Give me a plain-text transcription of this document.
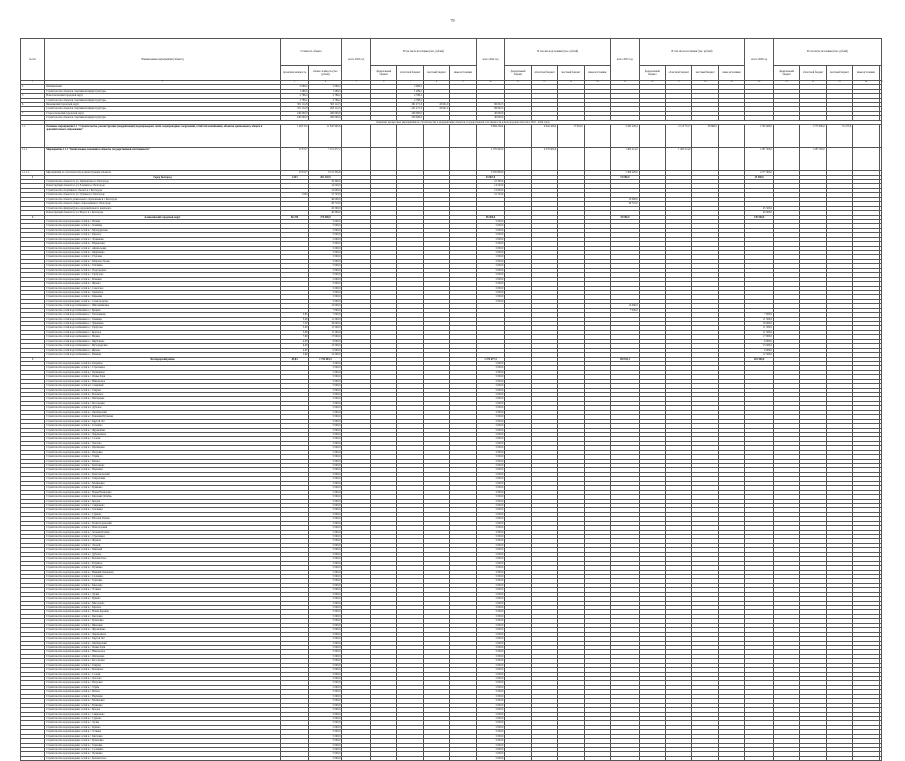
79
№ п/п	Наименование мероприятия (объекта)	Стоимость объекта		всего 2023 год	В том числе источники (тыс. рублей)				всего 2024 год	В том числе источники (тыс. рублей)				всего 2025 год	В том числе источники (тыс. рублей)				всего 2026 год	В том числе источники (тыс. рублей)				
		проектная мощность	общая стоимость (тыс. рублей)		федеральный бюджет	областной бюджет	местный бюджет	иные источники		федеральный бюджет	областной бюджет	местный бюджет	иные источники		федеральный бюджет	областной бюджет	местный бюджет	иные источники		федеральный бюджет	областной бюджет	местный бюджет	иные источники	
1	2	3	4	5	6	7	8	9	10	11	12	13	14	15	16	17	18	19	20	21	22	23	24	25
4	Шебекинский	2 099,2	2 099,2			2 099,2																		
	Строительство объектов спортивной инфраструктуры	1 289,5	1 289,5			1 289,5																		
5	Новооскольский городской округ	2 786,2	2 786,2			2 786,2																		
	Строительство объектов спортивной инфраструктуры	2 786,2	2 786,2			2 786,2																		
6	Яковлевский городской округ	391 114,8	305 112,3			261 271,3	43 841,0		86 002,5															
	Строительство объектов спортивной инфраструктуры	351 114,8	265 112,3			221 271,3	43 841,0		86 002,5															
7	Старооскольский городской округ	240 000,0	200 000,0			200 000,0			40 000,0															
	Строительство объектов спортивной инфраструктуры	240 000,0	200 000,0			200 000,0			40 000,0															
	Комплекс процессных мероприятий по строительству и модернизации объектов государственной собственности в Белгородской области в 2022 - 2024 годах																							
1.1.	Основное мероприятие 1.1 "Строительство, реконструкция (модернизация) водопроводных сетей, водопроводных сооружений, сетей теплоснабжения, объектов дошкольного, общего и дополнительного образования"	1 463 312	11 847 903,6						6 894 229,4		4 942 426,4	17 019,0		2 343 229,4		2 113 772,7	38 800,0		1 703 400,0		1 773 950,0	31 275,0		
1.1.1.	Мероприятие 1.1.1 "Капитальные вложения в объекты государственной собственности"	473 617	7 101 677,2						4 376 900,0		4 376 900,0			1 463 214,0		1 463 214,0			1 287 563,0		1 287 563,0			
1.1.1.1.	Мероприятия по строительству и реконструкции объектов	473 617	6 511 334,8						3 370 800,0					1 369 226,0					1 277 363,0					
1	Город Белгород	1 643	261 102,9						63 867,0					15 000,0					25 500,0					
	Строительство объекта по ул. Лермонтова в г. Белгороде		10 300,0						10 300,0															
	Реконструкция объекта по ул. Есенина в г. Белгороде		14 520,0						14 520,0															
	Строительство спортивного объекта в г. Белгороде		12 000,0						12 000,0															
	Строительство объекта по ул. Губкина в г. Белгороде	1 643	31 743,0						31 743,0															
	Строительство объекта дошкольного образования в г. Белгороде		46 000,0											15 000,0										
	Строительство объекта общего образования в г. Белгороде		26 710,0											26 710,0										
	Строительство физкультурно-оздоровительного комплекса		45 500,0																45 500,0					
	Реконструкция объекта по ул. Щорса в г. Белгороде		40 000,0																40 000,0					
2	Алексеевский городской округ	86 250	275 000,0						96 000,0					35 000,0					149 500,0					
	Строительство водопроводных сетей в с. Иловка		5 000,0						5 000,0															
	Строительство водопроводных сетей в с. Хлевище		5 000,0						5 000,0															
	Строительство водопроводных сетей в с. Мухоудеровка		5 000,0						5 000,0															
	Строительство водопроводных сетей в с. Красное		5 000,0						5 000,0															
	Строительство водопроводных сетей в с. Луценково		5 000,0						5 000,0															
	Строительство водопроводных сетей в с. Варваровка		5 000,0						5 000,0															
	Строительство водопроводных сетей в с. Афанасьевка		5 000,0						5 000,0															
	Строительство водопроводных сетей в с. Щербаково		5 000,0						5 000,0															
	Строительство водопроводных сетей в с. Глуховка		5 000,0						5 000,0															
	Строительство водопроводных сетей в с. Матрено-Гезово		5 000,0						5 000,0															
	Строительство водопроводных сетей в с. Теплинка		5 000,0						5 000,0															
	Строительство водопроводных сетей в с. Подсереднее		5 000,0						5 000,0															
	Строительство водопроводных сетей в с. Гарбузово		5 000,0						5 000,0															
	Строительство водопроводных сетей в с. Ильинка		5 000,0						5 000,0															
	Строительство водопроводных сетей в с. Жуково		5 000,0						5 000,0															
	Строительство водопроводных сетей в с. Советское		5 000,0						5 000,0															
	Строительство водопроводных сетей в с. Хрещатое		5 000,0						5 000,0															
	Строительство водопроводных сетей в с. Repьевка		5 000,0						5 000,0															
	Строительство водопроводных сетей в с. Славгородское		5 000,0						5 000,0															
	Строительство сетей водоснабжения в с. Шапошниковка		12 000,0											12 000,0										
	Строительство сетей водоснабжения в с. Кущино		7 000,0											7 000,0										
	Строительство сетей водоснабжения в с. Тютюниково	3,85	7 000,0																7 000,0					
	Строительство сетей водоснабжения в с. Хлевище	3,00	11 500,0																11 500,0					
	Строительство сетей водоснабжения в с. Луценково	7,50	16 000,0																16 000,0					
	Строительство сетей водоснабжения в с. Гарбузово	5,00	11 500,0																11 500,0					
	Строительство сетей водоснабжения в с. Красное	5,00	11 500,0																11 500,0					
	Строительство сетей водоснабжения в с. Иловка	7,60	17 000,0																17 000,0					
	Строительство сетей водоснабжения в с. Щербаково	4,00	9 000,0																9 000,0					
	Строительство сетей водоснабжения в с. Мухоудеровка	6,00	13 500,0																13 500,0					
	Строительство сетей водоснабжения в с. Жуково	4,00	9 000,0																9 000,0					
	Строительство сетей водоснабжения в с. Ильинка	5,60	12 500,0																12 500,0					
3	Белгородский район	85,84	1 754 003,3						1 273 677,3					150 941,1					261 500,0					
	Строительство водопроводных сетей в п. Разумное		5 000,0						5 000,0															
	Строительство водопроводных сетей в с. Стрелецкое		5 000,0						5 000,0															
	Строительство водопроводных сетей в с. Пушкарное		5 000,0						5 000,0															
	Строительство водопроводных сетей в с. Ясные Зори		5 000,0						5 000,0															
	Строительство водопроводных сетей в с. Никольское		5 000,0						5 000,0															
	Строительство водопроводных сетей в п. Северный		5 000,0						5 000,0															
	Строительство водопроводных сетей в с. Таврово		5 000,0						5 000,0															
	Строительство водопроводных сетей в с. Беловское		5 000,0						5 000,0															
	Строительство водопроводных сетей в с. Шагаровка		5 000,0						5 000,0															
	Строительство водопроводных сетей в с. Бессоновка		5 000,0						5 000,0															
	Строительство водопроводных сетей в п. Дубовое		5 000,0						5 000,0															
	Строительство водопроводных сетей в с. Октябрьский		5 000,0						5 000,0															
	Строительство водопроводных сетей в с. Ближняя Игуменка		5 000,0						5 000,0															
	Строительство водопроводных сетей в с. Крутой Лог		5 000,0						5 000,0															
	Строительство водопроводных сетей в с. Головино		5 000,0						5 000,0															
	Строительство водопроводных сетей в с. Журавлевка		5 000,0						5 000,0															
	Строительство водопроводных сетей в с. Черемошное		5 000,0						5 000,0															
	Строительство водопроводных сетей в с. Солохи		5 000,0						5 000,0															
	Строительство водопроводных сетей в с. Хохлово		5 000,0						5 000,0															
	Строительство водопроводных сетей в с. Щетиновка		5 000,0						5 000,0															
	Строительство водопроводных сетей в с. Петровка		5 000,0						5 000,0															
	Строительство водопроводных сетей в с. Угрим		5 000,0						5 000,0															
	Строительство водопроводных сетей в с. Репное		5 000,0						5 000,0															
	Строительство водопроводных сетей в с. Кошлаково		5 000,0						5 000,0															
	Строительство водопроводных сетей в с. Наумовка		5 000,0						5 000,0															
	Строительство водопроводных сетей в с. Комсомольский		5 000,0						5 000,0															
	Строительство водопроводных сетей в с. Тавровский		5 000,0						5 000,0															
	Строительство водопроводных сетей в с. Малиновка		5 000,0						5 000,0															
	Строительство водопроводных сетей в с. Ериковка		5 000,0						5 000,0															
	Строительство водопроводных сетей в с. Новая Нелидовка		5 000,0						5 000,0															
	Строительство водопроводных сетей в с. Красный Октябрь		5 000,0						5 000,0															
	Строительство водопроводных сетей в с. Бродок		5 000,0						5 000,0															
	Строительство водопроводных сетей в с. Севрюково		5 000,0						5 000,0															
	Строительство водопроводных сетей в с. Топлинка		5 000,0						5 000,0															
	Строительство водопроводных сетей в с. Сурково		5 000,0						5 000,0															
	Строительство водопроводных сетей в с. Веселая Лопань		5 000,0						5 000,0															
	Строительство водопроводных сетей в с. Политотдельский		5 000,0						5 000,0															
	Строительство водопроводных сетей в с. Новосадовый		5 000,0						5 000,0															
	Строительство водопроводных сетей в с. Зеленая Поляна		5 000,0						5 000,0															
	Строительство водопроводных сетей в с. Стрелецкое		5 000,0						5 000,0															
	Строительство водопроводных сетей в с. Жданов		5 000,0						5 000,0															
	Строительство водопроводных сетей в с. Лесной		5 000,0						5 000,0															
	Строительство водопроводных сетей в с. Майский		5 000,0						5 000,0															
	Строительство водопроводных сетей в с. Дубовое		5 000,0						5 000,0															
	Строительство водопроводных сетей в с. Беломестное		5 000,0						5 000,0															
	Строительство водопроводных сетей в с. Разумное		5 000,0						5 000,0															
	Строительство водопроводных сетей в с. Пуляевка		5 000,0						5 000,0															
	Строительство водопроводных сетей в с. Нижний Ольшанец		5 000,0						5 000,0															
	Строительство водопроводных сетей в с. Соломино		5 000,0						5 000,0															
	Строительство водопроводных сетей в с. Терновка		5 000,0						5 000,0															
	Строительство водопроводных сетей в с. Киселево		5 000,0						5 000,0															
	Строительство водопроводных сетей в с. Устинка		5 000,0						5 000,0															
	Строительство водопроводных сетей в с. Лучки		5 000,0						5 000,0															
	Строительство водопроводных сетей в с. Купино		5 000,0						5 000,0															
	Строительство водопроводных сетей в с. Мясоедово		5 000,0						5 000,0															
	Строительство водопроводных сетей в с. Красное		5 000,0						5 000,0															
	Строительство водопроводных сетей в с. Новая Деревня		5 000,0						5 000,0															
	Строительство водопроводных сетей в с. Кисловка		5 000,0						5 000,0															
	Строительство водопроводных сетей в с. Булановка		5 000,0						5 000,0															
	Строительство водопроводных сетей в с. Ивановка		5 000,0						5 000,0															
	Строительство водопроводных сетей в с. Журавлевка		5 000,0						5 000,0															
	Строительство водопроводных сетей в с. Черемошное		5 000,0						5 000,0															
	Строительство водопроводных сетей в с. Крутой Лог		5 000,0						5 000,0															
	Строительство водопроводных сетей в с. Октябрьский		5 000,0						5 000,0															
	Строительство водопроводных сетей в с. Ясные Зори		5 000,0						5 000,0															
	Строительство водопроводных сетей в с. Никольское		5 000,0						5 000,0															
	Строительство водопроводных сетей в с. Шагаровка		5 000,0						5 000,0															
	Строительство водопроводных сетей в с. Бессоновка		5 000,0						5 000,0															
	Строительство водопроводных сетей в с. Таврово		5 000,0						5 000,0															
	Строительство водопроводных сетей в с. Беловское		5 000,0						5 000,0															
	Строительство водопроводных сетей в с. Солохи		5 000,0						5 000,0															
	Строительство водопроводных сетей в с. Хохлово		5 000,0						5 000,0															
	Строительство водопроводных сетей в с. Петровка		5 000,0						5 000,0															
	Строительство водопроводных сетей в с. Угрим		5 000,0						5 000,0															
	Строительство водопроводных сетей в с. Репное		5 000,0						5 000,0															
	Строительство водопроводных сетей в с. Наумовка		5 000,0						5 000,0															
	Строительство водопроводных сетей в с. Малиновка		5 000,0						5 000,0															
	Строительство водопроводных сетей в с. Ериковка		5 000,0						5 000,0															
	Строительство водопроводных сетей в с. Бродок		5 000,0						5 000,0															
	Строительство водопроводных сетей в с. Севрюково		5 000,0						5 000,0															
	Строительство водопроводных сетей в с. Сурково		5 000,0						5 000,0															
	Строительство водопроводных сетей в с. Лучки		5 000,0						5 000,0															
	Строительство водопроводных сетей в с. Купино		5 000,0						5 000,0															
	Строительство водопроводных сетей в с. Устинка		5 000,0						5 000,0															
	Строительство водопроводных сетей в с. Кисловка		5 000,0						5 000,0															
	Строительство водопроводных сетей в с. Булановка		5 000,0						5 000,0															
	Строительство водопроводных сетей в с. Терновка		5 000,0						5 000,0															
	Строительство водопроводных сетей в с. Соломино		5 000,0						5 000,0															
	Строительство водопроводных сетей в с. Пуляевка		5 000,0						5 000,0															
	Строительство водопроводных сетей в с. Беломестное		5 000,0						5 000,0															
